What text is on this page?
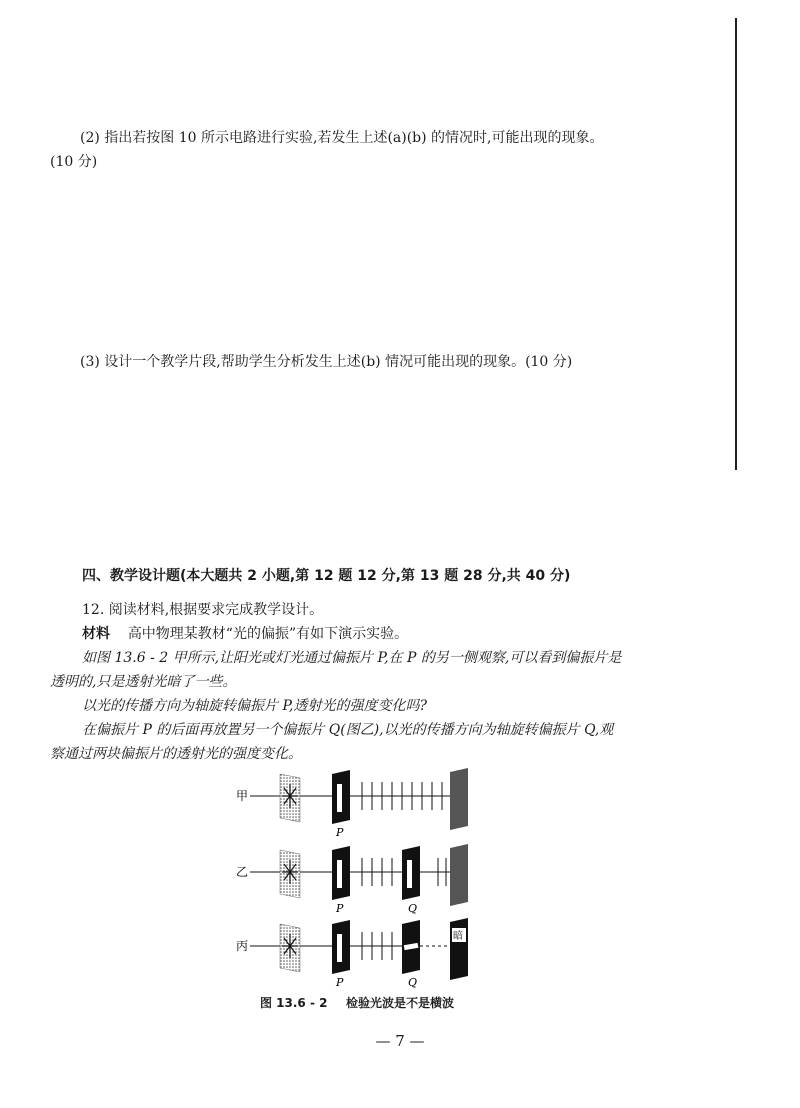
(2) 指出若按图 10 所示电路进行实验,若发生上述(a)(b) 的情况时,可能出现的现象。
(10 分)
(3) 设计一个教学片段,帮助学生分析发生上述(b) 情况可能出现的现象。(10 分)
四、教学设计题(本大题共 2 小题,第 12 题 12 分,第 13 题 28 分,共 40 分)
12. 阅读材料,根据要求完成教学设计。
材料 高中物理某教材“光的偏振”有如下演示实验。
如图 13.6 - 2 甲所示,让阳光或灯光通过偏振片 P,在 P 的另一侧观察,可以看到偏振片是
透明的,只是透射光暗了一些。
以光的传播方向为轴旋转偏振片 P,透射光的强度变化吗?
在偏振片 P 的后面再放置另一个偏振片 Q(图乙),以光的传播方向为轴旋转偏振片 Q,观
察通过两块偏振片的透射光的强度变化。
甲
P
乙
P	Q
丙
暗
P	Q
图 13.6 - 2 检验光波是不是横波
— 7 —
